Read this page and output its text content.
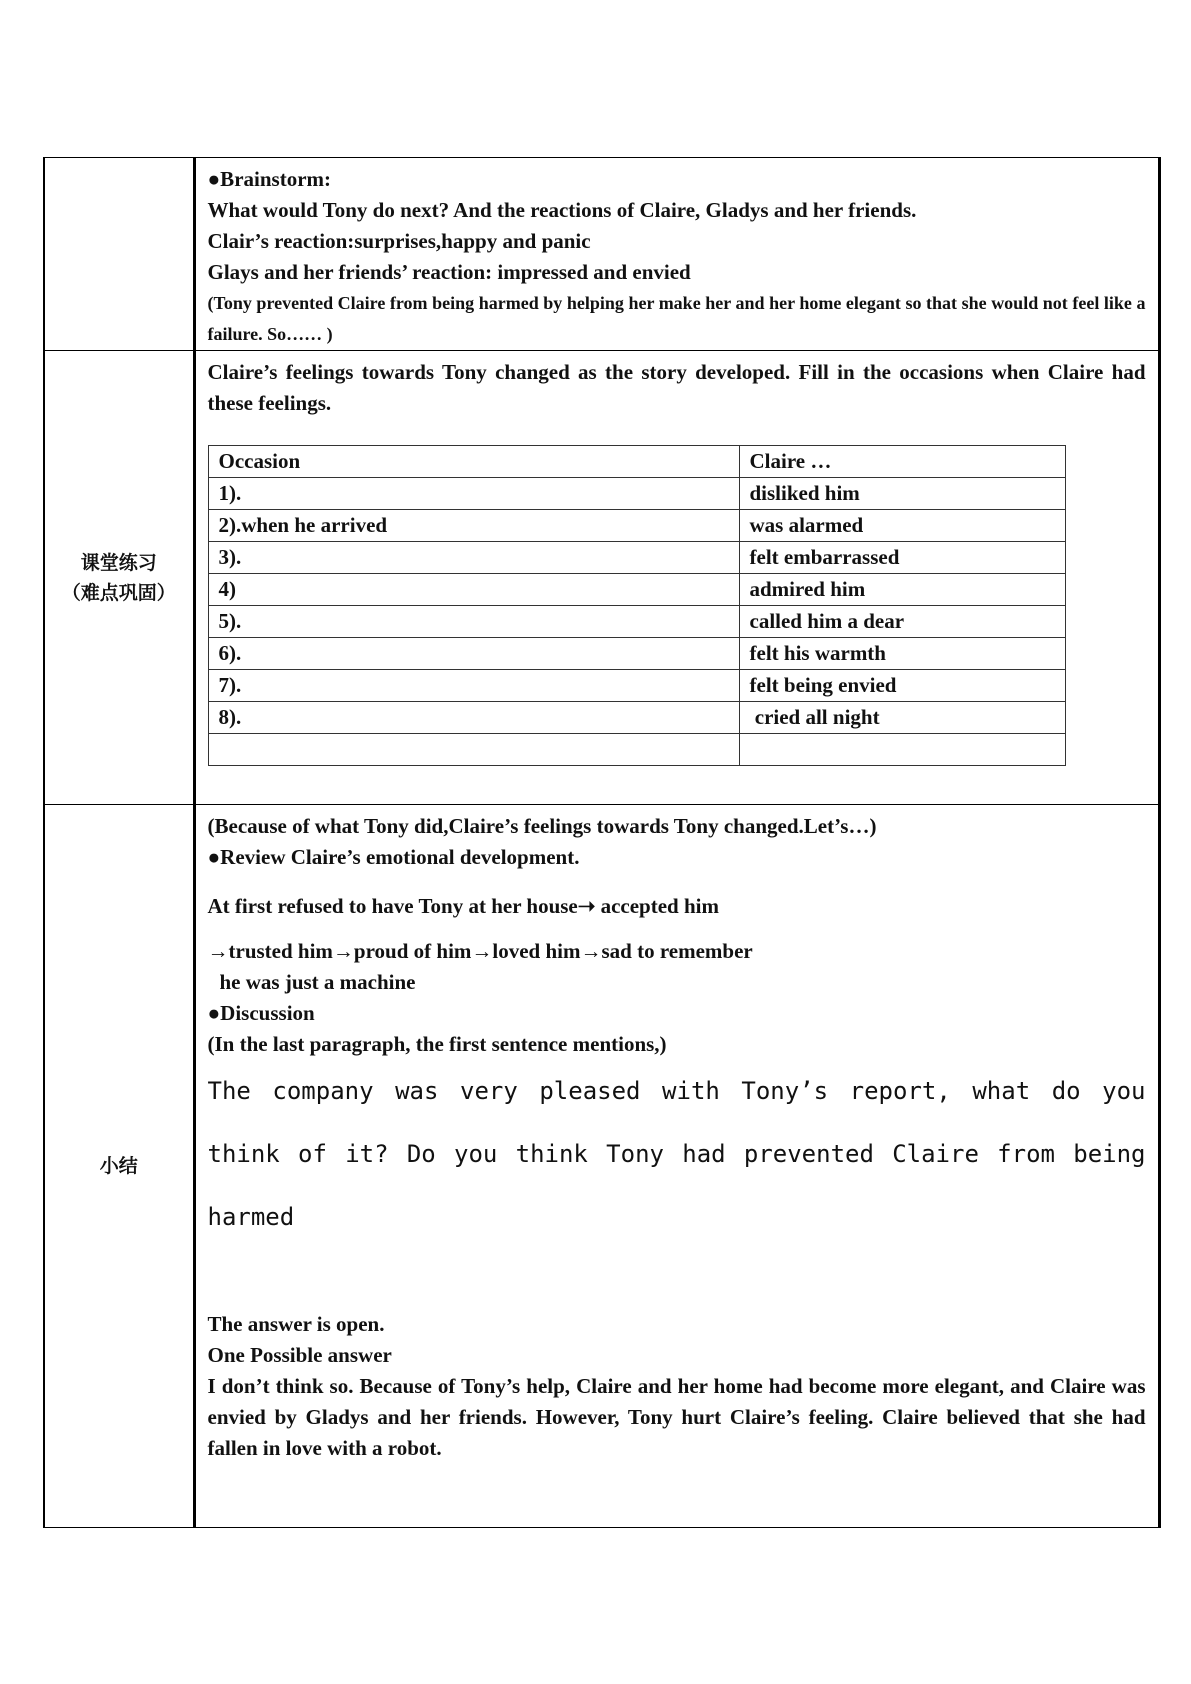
●Brainstorm:
What would Tony do next? And the reactions of Claire, Gladys and her friends.
Clair’s reaction:surprises,happy and panic
Glays and her friends’ reaction: impressed and envied
(Tony prevented Claire from being harmed by helping her make her and her home elegant so that she would not feel like a failure. So…… )

课堂练习
（难点巩固）

Claire’s feelings towards Tony changed as the story developed. Fill in the occasions when Claire had these feelings.
Occasion	Claire …
1).	disliked him
2).when he arrived	was alarmed
3).	felt embarrassed
4)	admired him
5).	called him a dear
6).	felt his warmth
7).	felt being envied
8).	cried all night

小结

(Because of what Tony did,Claire’s feelings towards Tony changed.Let’s…)
●Review Claire’s emotional development.
At first refused to have Tony at her house➝ accepted him
→trusted him→proud of him→loved him→sad to remember
he was just a machine
●Discussion
(In the last paragraph, the first sentence mentions,)
The company was very pleased with Tony’s report, what do you think of it? Do you think Tony had prevented Claire from being harmed
The answer is open.
One Possible answer
I don’t think so. Because of Tony’s help, Claire and her home had become more elegant, and Claire was envied by Gladys and her friends. However, Tony hurt Claire’s feeling. Claire believed that she had fallen in love with a robot.
